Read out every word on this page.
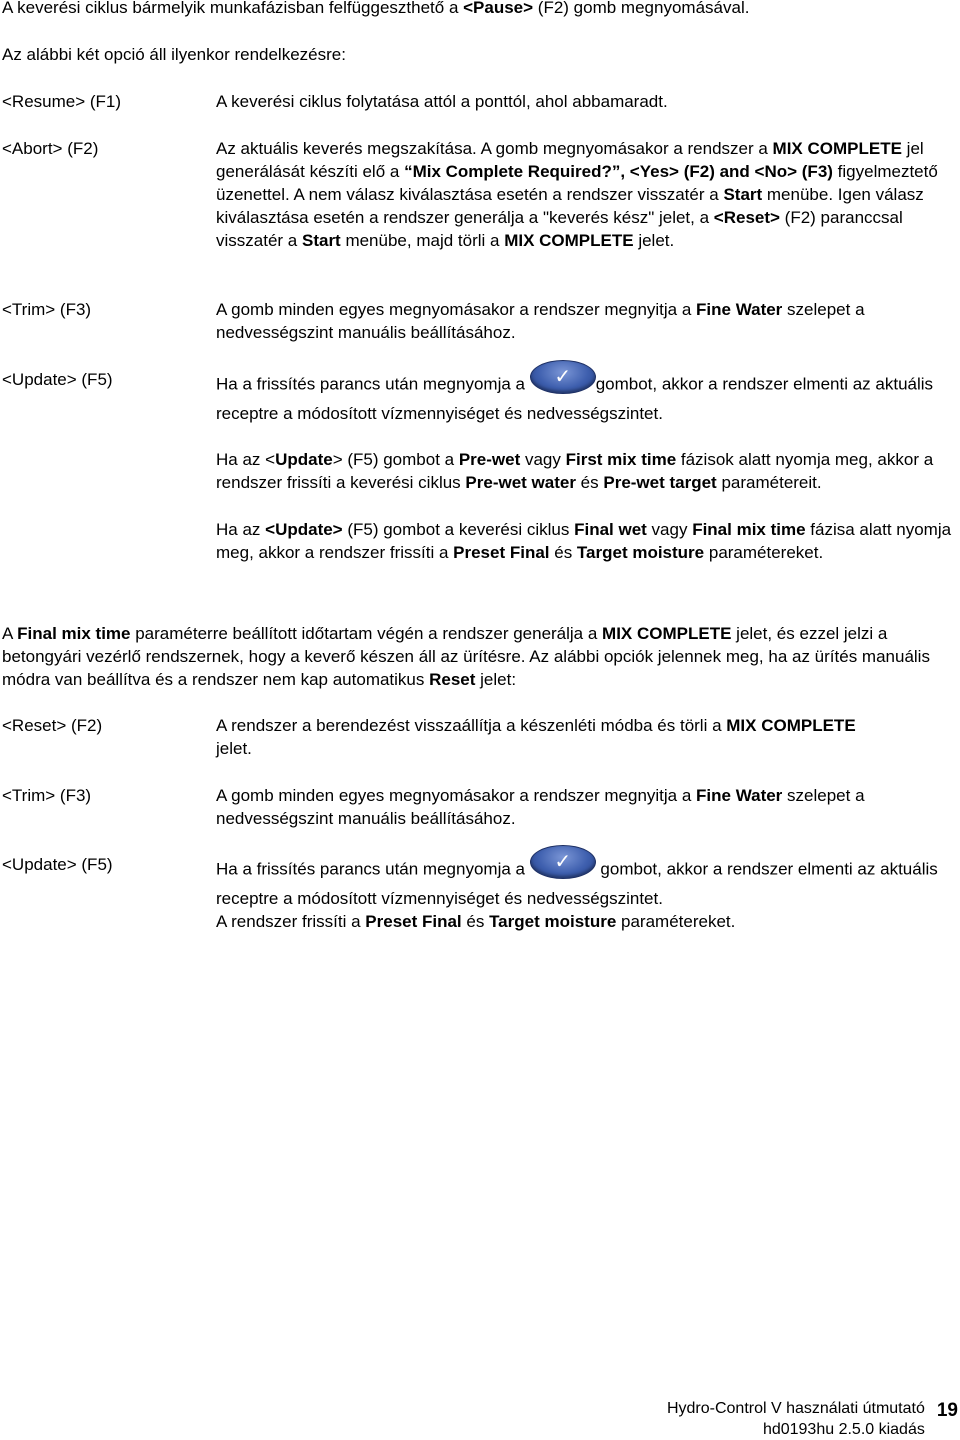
A keverési ciklus bármelyik munkafázisban felfüggeszthető a <Pause> (F2) gomb megnyomásával.

Az alábbi két opció áll ilyenkor rendelkezésre:

<Resume> (F1)	A keverési ciklus folytatása attól a ponttól, ahol abbamaradt.
<Abort> (F2)	Az aktuális keverés megszakítása. A gomb megnyomásakor a rendszer a MIX COMPLETE jel generálását készíti elő a “Mix Complete Required?”, <Yes> (F2) and <No> (F3) figyelmeztető üzenettel. A nem válasz kiválasztása esetén a rendszer visszatér a Start menübe. Igen válasz kiválasztása esetén a rendszer generálja a "keverés kész" jelet, a <Reset> (F2) paranccsal visszatér a Start menübe, majd törli a MIX COMPLETE jelet.

<Trim> (F3)	A gomb minden egyes megnyomásakor a rendszer megnyitja a Fine Water szelepet a nedvességszint manuális beállításához.

<Update> (F5)	Ha a frissítés parancs után megnyomja a ✓ gombot, akkor a rendszer elmenti az aktuális receptre a módosított vízmennyiséget és nedvességszintet.

Ha az <Update> (F5) gombot a Pre-wet vagy First mix time fázisok alatt nyomja meg, akkor a rendszer frissíti a keverési ciklus Pre-wet water és Pre-wet target paramétereit.

Ha az <Update> (F5) gombot a keverési ciklus Final wet vagy Final mix time fázisa alatt nyomja meg, akkor a rendszer frissíti a Preset Final és Target moisture paramétereket.

A Final mix time paraméterre beállított időtartam végén a rendszer generálja a MIX COMPLETE jelet, és ezzel jelzi a betongyári vezérlő rendszernek, hogy a keverő készen áll az ürítésre. Az alábbi opciók jelennek meg, ha az ürítés manuális módra van beállítva és a rendszer nem kap automatikus Reset jelet:

<Reset> (F2)	A rendszer a berendezést visszaállítja a készenléti módba és törli a MIX COMPLETE jelet.

<Trim> (F3)	A gomb minden egyes megnyomásakor a rendszer megnyitja a Fine Water szelepet a nedvességszint manuális beállításához.

<Update> (F5)	Ha a frissítés parancs után megnyomja a ✓ gombot, akkor a rendszer elmenti az aktuális receptre a módosított vízmennyiséget és nedvességszintet.

A rendszer frissíti a Preset Final és Target moisture paramétereket.

Hydro-Control V használati útmutató
hd0193hu 2.5.0 kiadás
19
